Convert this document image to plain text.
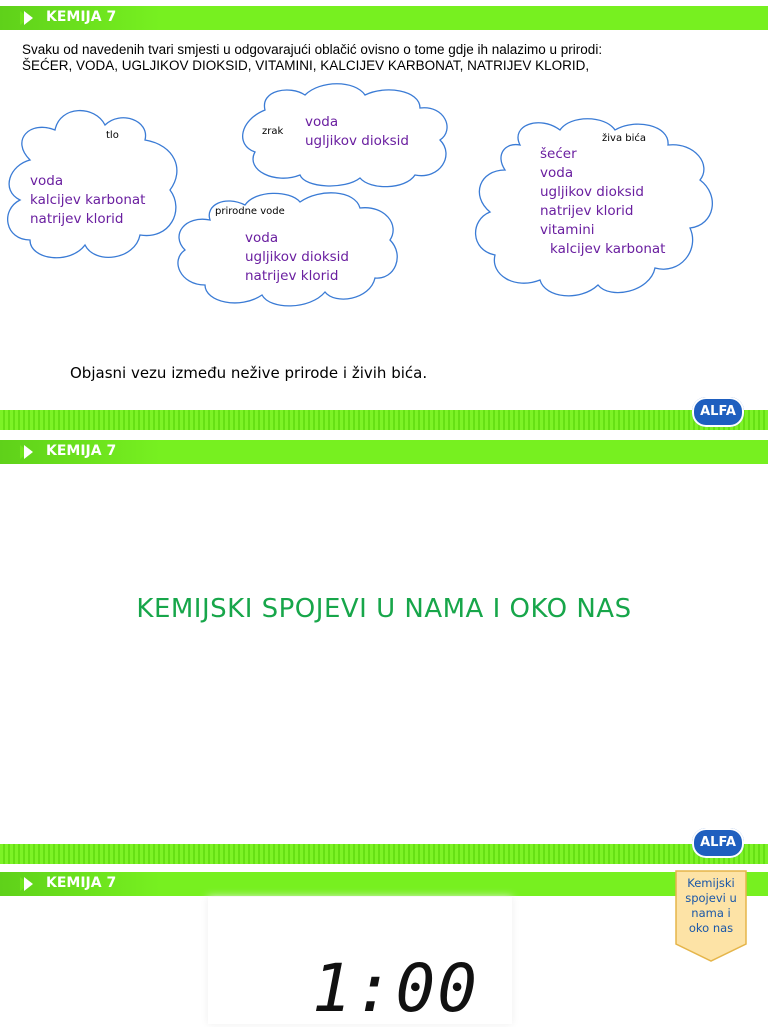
KEMIJA 7
Svaku od navedenih tvari smjesti u odgovarajući oblačić ovisno o tome gdje ih nalazimo u prirodi:
ŠEĆER, VODA, UGLJIKOV DIOKSID, VITAMINI, KALCIJEV KARBONAT, NATRIJEV KLORID,
tlo
voda
kalcijev karbonat
natrijev klorid
zrak
voda
ugljikov dioksid
prirodne vode
voda
ugljikov dioksid
natrijev klorid
živa bića
šećer
voda
ugljikov dioksid
natrijev klorid
vitamini
kalcijev karbonat
Objasni vezu između nežive prirode i živih bića.
ALFA
KEMIJA 7
KEMIJSKI SPOJEVI U NAMA I OKO NAS
ALFA
KEMIJA 7
1:00
Kemijski
spojevi u
nama i
oko nas
